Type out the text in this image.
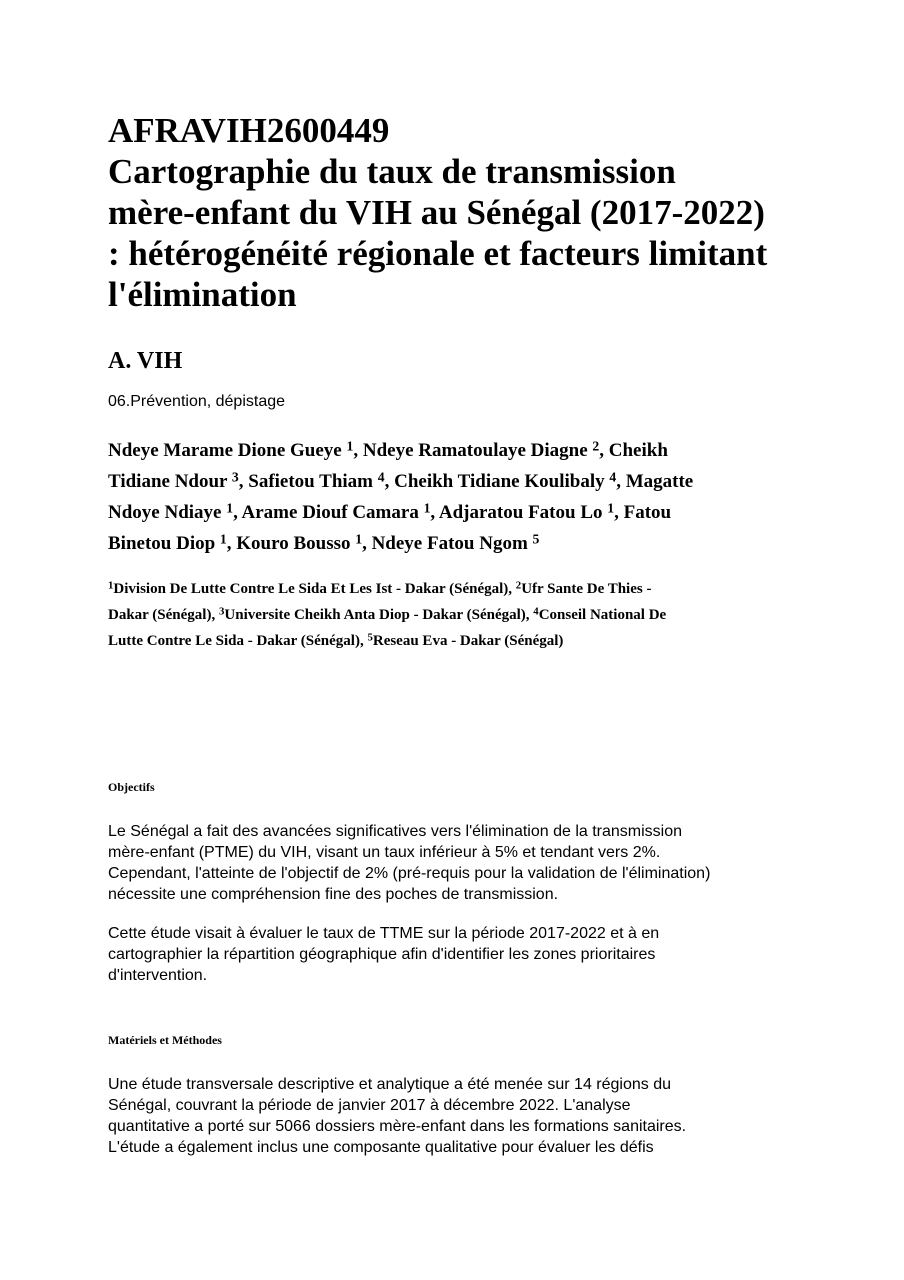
AFRAVIH2600449
Cartographie du taux de transmission
mère-enfant du VIH au Sénégal (2017-2022)
: hétérogénéité régionale et facteurs limitant
l'élimination
A. VIH
06.Prévention, dépistage
Ndeye Marame Dione Gueye $^1$, Ndeye Ramatoulaye Diagne $^2$, Cheikh
Tidiane Ndour $^3$, Safietou Thiam $^4$, Cheikh Tidiane Koulibaly $^4$, Magatte
Ndoye Ndiaye $^1$, Arame Diouf Camara $^1$, Adjaratou Fatou Lo $^1$, Fatou
Binetou Diop $^1$, Kouro Bousso $^1$, Ndeye Fatou Ngom $^5$
$^1$Division De Lutte Contre Le Sida Et Les Ist - Dakar (Sénégal), $^2$Ufr Sante De Thies -
Dakar (Sénégal), $^3$Universite Cheikh Anta Diop - Dakar (Sénégal), $^4$Conseil National De
Lutte Contre Le Sida - Dakar (Sénégal), $^5$Reseau Eva - Dakar (Sénégal)
Objectifs
Le Sénégal a fait des avancées significatives vers l'élimination de la transmission
mère-enfant (PTME) du VIH, visant un taux inférieur à 5% et tendant vers 2%.
Cependant, l'atteinte de l'objectif de 2% (pré-requis pour la validation de l'élimination)
nécessite une compréhension fine des poches de transmission.
Cette étude visait à évaluer le taux de TTME sur la période 2017-2022 et à en
cartographier la répartition géographique afin d'identifier les zones prioritaires
d'intervention.
Matériels et Méthodes
Une étude transversale descriptive et analytique a été menée sur 14 régions du
Sénégal, couvrant la période de janvier 2017 à décembre 2022. L'analyse
quantitative a porté sur 5066 dossiers mère-enfant dans les formations sanitaires.
L'étude a également inclus une composante qualitative pour évaluer les défis
